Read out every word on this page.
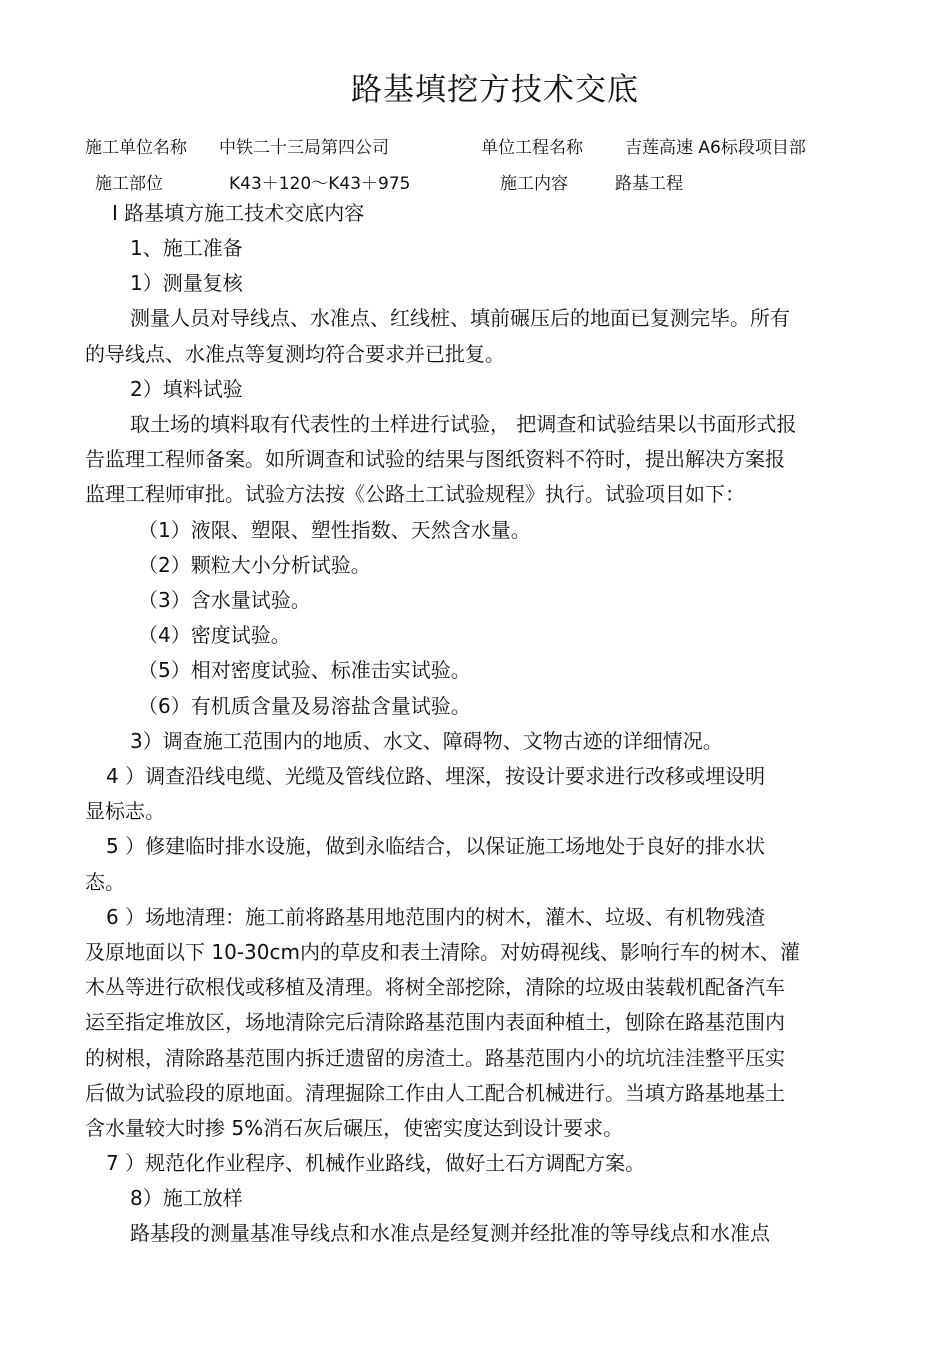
路基填挖方技术交底
施工单位名称 中铁二十三局第四公司	单位工程名称 吉莲高速 A6标段项目部
施工部位	K43＋120～K43＋975	施工内容	路基工程
Ⅰ 路基填方施工技术交底内容
1、施工准备
1）测量复核
测量人员对导线点、水准点、红线桩、填前碾压后的地面已复测完毕。所有
的导线点、水准点等复测均符合要求并已批复。
2）填料试验
取土场的填料取有代表性的土样进行试验， 把调查和试验结果以书面形式报
告监理工程师备案。如所调查和试验的结果与图纸资料不符时，提出解决方案报
监理工程师审批。试验方法按《公路土工试验规程》执行。试验项目如下：
（1）液限、塑限、塑性指数、天然含水量。
（2）颗粒大小分析试验。
（3）含水量试验。
（4）密度试验。
（5）相对密度试验、标准击实试验。
（6）有机质含量及易溶盐含量试验。
3）调查施工范围内的地质、水文、障碍物、文物古迹的详细情况。
4 ）调查沿线电缆、光缆及管线位路、埋深，按设计要求进行改移或埋设明
显标志。
5 ）修建临时排水设施，做到永临结合，以保证施工场地处于良好的排水状
态。
6 ）场地清理：施工前将路基用地范围内的树木，灌木、垃圾、有机物残渣
及原地面以下 10-30cm内的草皮和表土清除。对妨碍视线、影响行车的树木、灌
木丛等进行砍根伐或移植及清理。将树全部挖除，清除的垃圾由装载机配备汽车
运至指定堆放区，场地清除完后清除路基范围内表面种植土，刨除在路基范围内
的树根，清除路基范围内拆迁遗留的房渣土。路基范围内小的坑坑洼洼整平压实
后做为试验段的原地面。清理掘除工作由人工配合机械进行。当填方路基地基土
含水量较大时掺 5%消石灰后碾压，使密实度达到设计要求。
7 ）规范化作业程序、机械作业路线，做好土石方调配方案。
8）施工放样
路基段的测量基准导线点和水准点是经复测并经批准的等导线点和水准点
